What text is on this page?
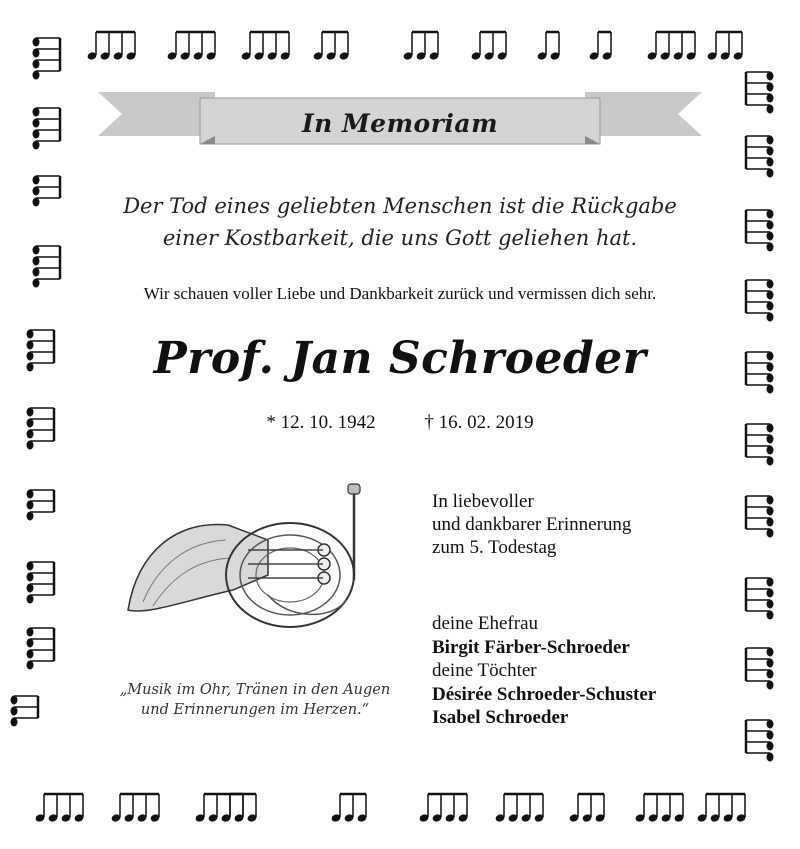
In Memoriam
Der Tod eines geliebten Menschen ist die Rückgabe
einer Kostbarkeit, die uns Gott geliehen hat.
Wir schauen voller Liebe und Dankbarkeit zurück und vermissen dich sehr.
Prof. Jan Schroeder
* 12. 10. 1942	† 16. 02. 2019
„Musik im Ohr, Tränen in den Augen
und Erinnerungen im Herzen.“
In liebevoller
und dankbarer Erinnerung
zum 5. Todestag
deine Ehefrau
Birgit Färber-Schroeder
deine Töchter
Désirée Schroeder-Schuster
Isabel Schroeder
